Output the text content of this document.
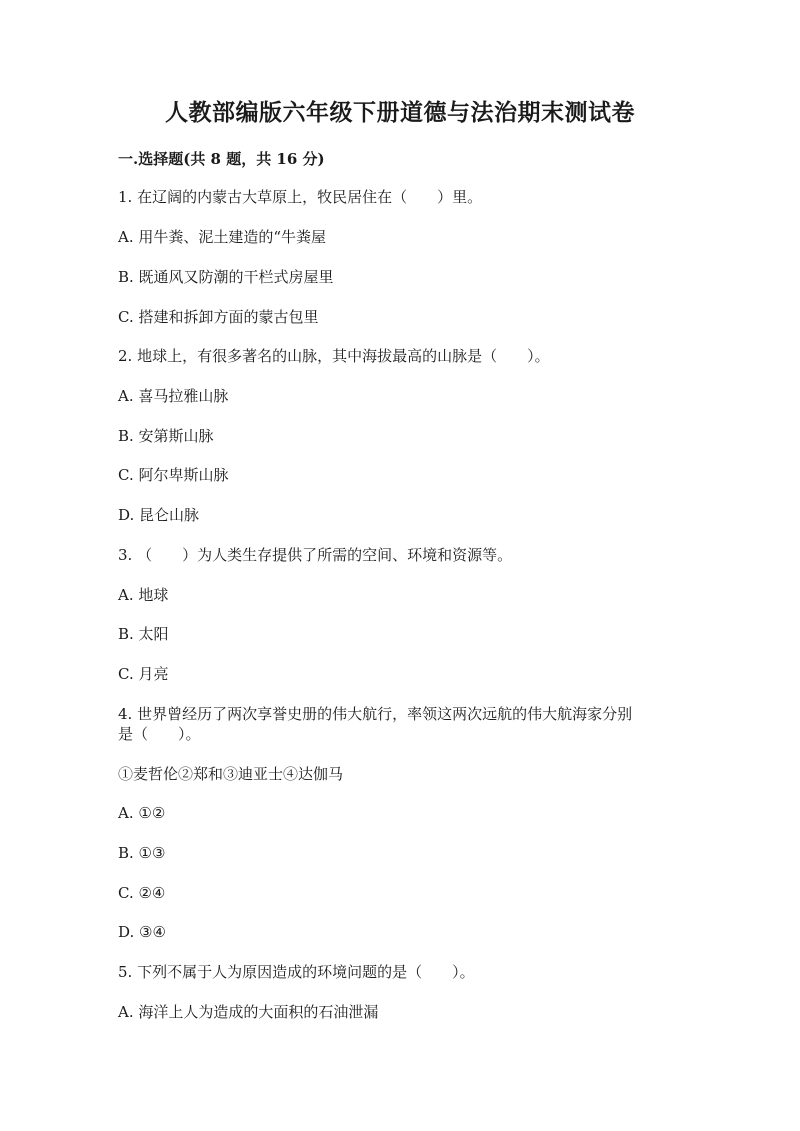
人教部编版六年级下册道德与法治期末测试卷
一.选择题(共 8 题，共 16 分)
1. 在辽阔的内蒙古大草原上，牧民居住在（　　）里。
A. 用牛粪、泥土建造的“牛粪屋
B. 既通风又防潮的干栏式房屋里
C. 搭建和拆卸方面的蒙古包里
2. 地球上，有很多著名的山脉，其中海拔最高的山脉是（　　）。
A. 喜马拉雅山脉
B. 安第斯山脉
C. 阿尔卑斯山脉
D. 昆仑山脉
3. （　　）为人类生存提供了所需的空间、环境和资源等。
A. 地球
B. 太阳
C. 月亮
4. 世界曾经历了两次享誉史册的伟大航行，率领这两次远航的伟大航海家分别
是（　　）。
①麦哲伦②郑和③迪亚士④达伽马
A. ①②
B. ①③
C. ②④
D. ③④
5. 下列不属于人为原因造成的环境问题的是（　　）。
A. 海洋上人为造成的大面积的石油泄漏
